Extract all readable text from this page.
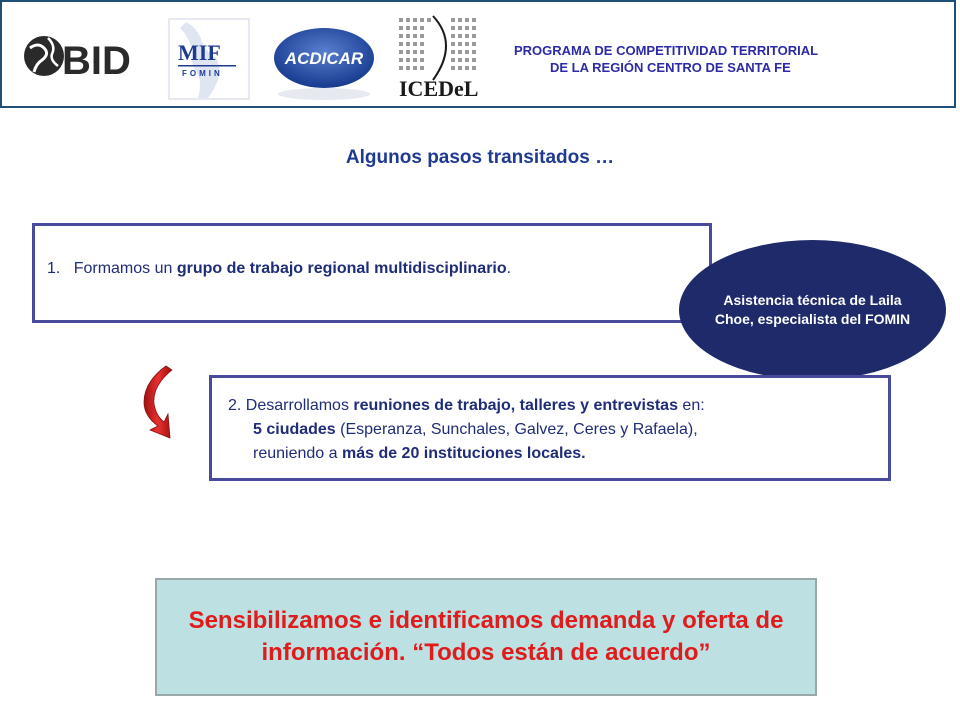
BID MIF
FOMIN
ACDICAR
ICEDeL
PROGRAMA DE COMPETITIVIDAD TERRITORIAL
DE LA REGIÓN CENTRO DE SANTA FE
Algunos pasos transitados …
1. Formamos un grupo de trabajo regional multidisciplinario.
Asistencia técnica de Laila Choe, especialista del FOMIN
2. Desarrollamos reuniones de trabajo, talleres y entrevistas en:
5 ciudades (Esperanza, Sunchales, Galvez, Ceres y Rafaela),
reuniendo a más de 20 instituciones locales.
Sensibilizamos e identificamos demanda y oferta de información. “Todos están de acuerdo”
